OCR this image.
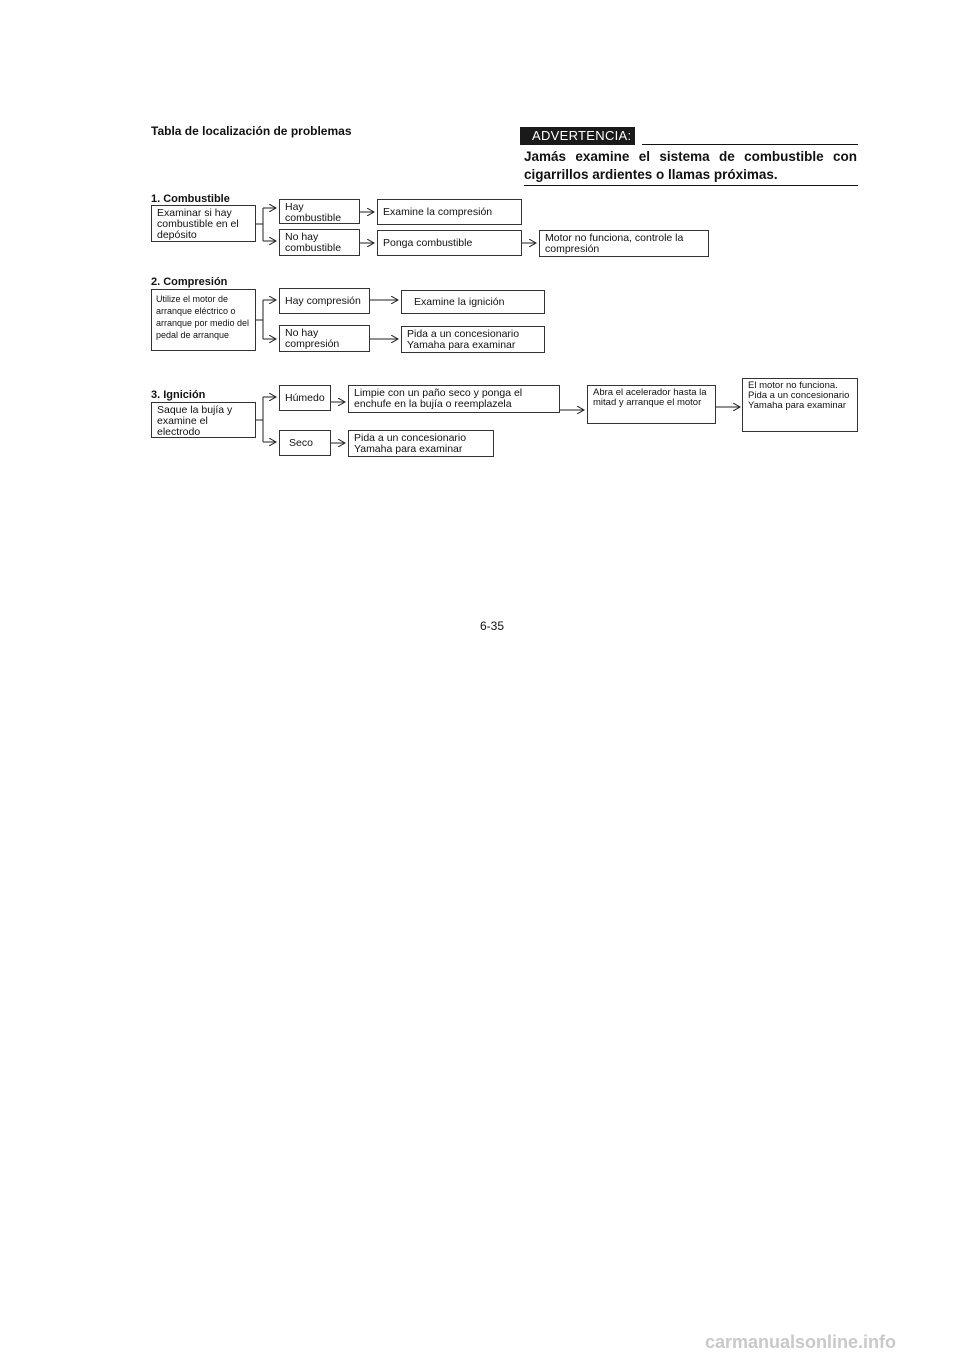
Tabla de localización de problemas	ADVERTENCIA:
Jamás examine el sistema de combustible con cigarrillos ardientes o llamas próximas.
1. Combustible
Examinar si hay combustible en el depósito
Hay combustible
Examine la compresión
No hay combustible	Ponga combustible	Motor no funciona, controle la compresión
2. Compresión
Utilize el motor de arranque eléctrico o arranque por medio del pedal de arranque
Hay compresión	Examine la ignición
No hay compresión
Pida a un concesionario Yamaha para examinar
3. Ignición
Saque la bujía y examine el electrodo
Húmedo	Limpie con un paño seco y ponga el enchufe en la bujía o reemplazela
Abra el acelerador hasta la mitad y arranque el motor
El motor no funciona. Pida a un concesionario Yamaha para examinar
Seco	Pida a un concesionario Yamaha para examinar
6-35
carmanualsonline.info
